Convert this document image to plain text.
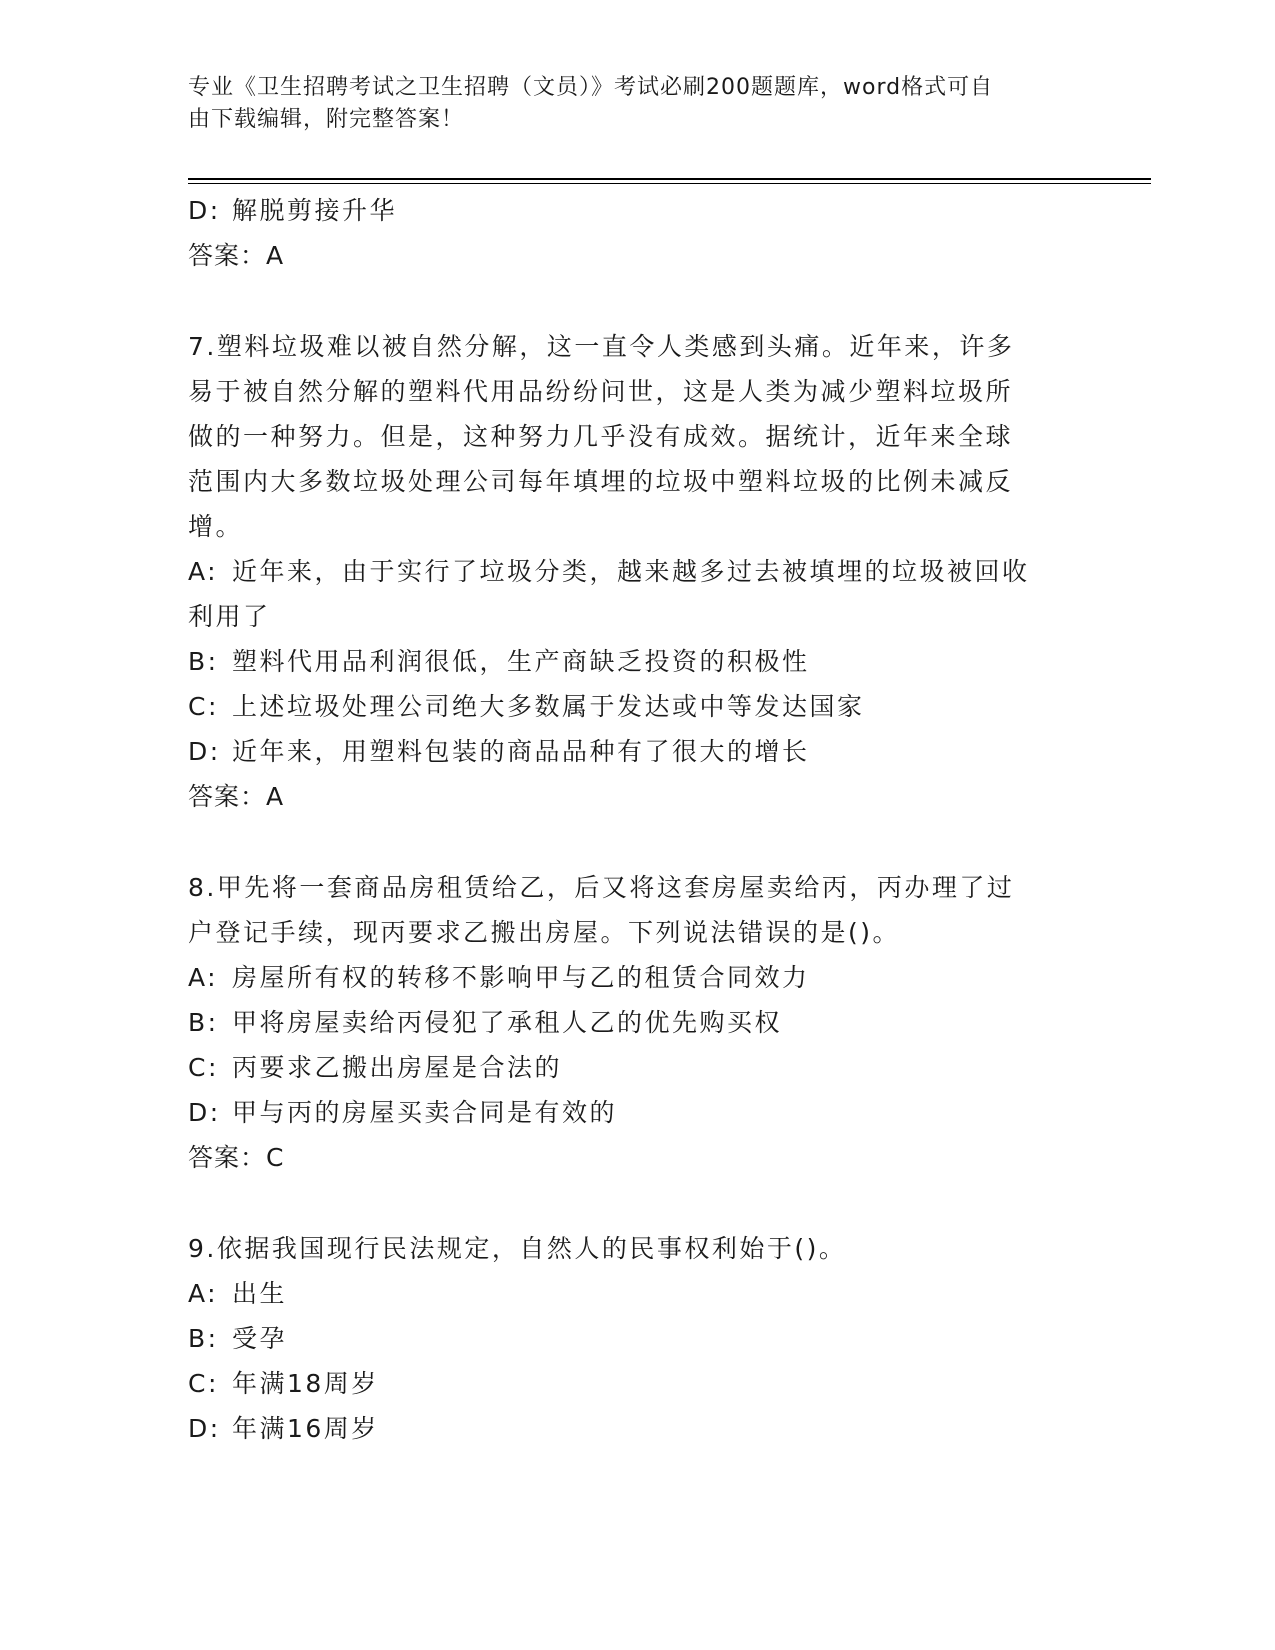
专业《卫生招聘考试之卫生招聘（文员）》考试必刷200题题库，word格式可自
由下载编辑，附完整答案！
D: 解脱剪接升华
答案：A
7.塑料垃圾难以被自然分解，这一直令人类感到头痛。近年来，许多
易于被自然分解的塑料代用品纷纷问世，这是人类为减少塑料垃圾所
做的一种努力。但是，这种努力几乎没有成效。据统计，近年来全球
范围内大多数垃圾处理公司每年填埋的垃圾中塑料垃圾的比例未减反
增。
A: 近年来，由于实行了垃圾分类，越来越多过去被填埋的垃圾被回收
利用了
B: 塑料代用品利润很低，生产商缺乏投资的积极性
C: 上述垃圾处理公司绝大多数属于发达或中等发达国家
D: 近年来，用塑料包装的商品品种有了很大的增长
答案：A
8.甲先将一套商品房租赁给乙，后又将这套房屋卖给丙，丙办理了过
户登记手续，现丙要求乙搬出房屋。下列说法错误的是()。
A: 房屋所有权的转移不影响甲与乙的租赁合同效力
B: 甲将房屋卖给丙侵犯了承租人乙的优先购买权
C: 丙要求乙搬出房屋是合法的
D: 甲与丙的房屋买卖合同是有效的
答案：C
9.依据我国现行民法规定，自然人的民事权利始于()。
A: 出生
B: 受孕
C: 年满18周岁
D: 年满16周岁
